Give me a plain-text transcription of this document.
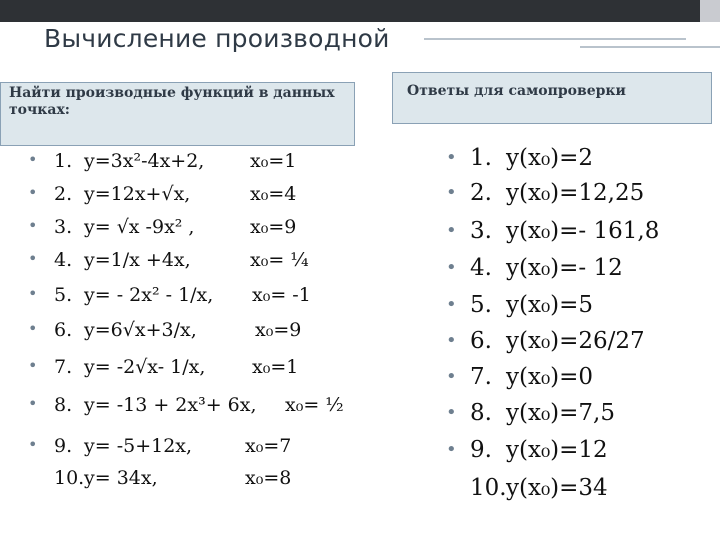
Вычисление производной
Найти производные функций в данных точках:
Ответы для самопроверки
• 1. y=3x²-4x+2, x₀=1
• 2. y=12x+√x,	x₀=4
• 3. y= √x -9x² ,	x₀=9
• 4. y=1/x +4x,	x₀= ¼
• 5. y= - 2x² - 1/x, x₀= -1
• 6. y=6√x+3/x,	x₀=9
• 7. y= -2√x- 1/x, x₀=1
• 8. y= -13 + 2x³+ 6x, x₀= ½
• 9. y= -5+12x,	x₀=7
10. y= 34x,	x₀=8
• 1. y(x₀)=2
• 2. y(x₀)=12,25
• 3. y(x₀)=- 161,8
• 4. y(x₀)=- 12
• 5. y(x₀)=5
• 6. y(x₀)=26/27
• 7. y(x₀)=0
• 8. y(x₀)=7,5
• 9. y(x₀)=12
10. y(x₀)=34
